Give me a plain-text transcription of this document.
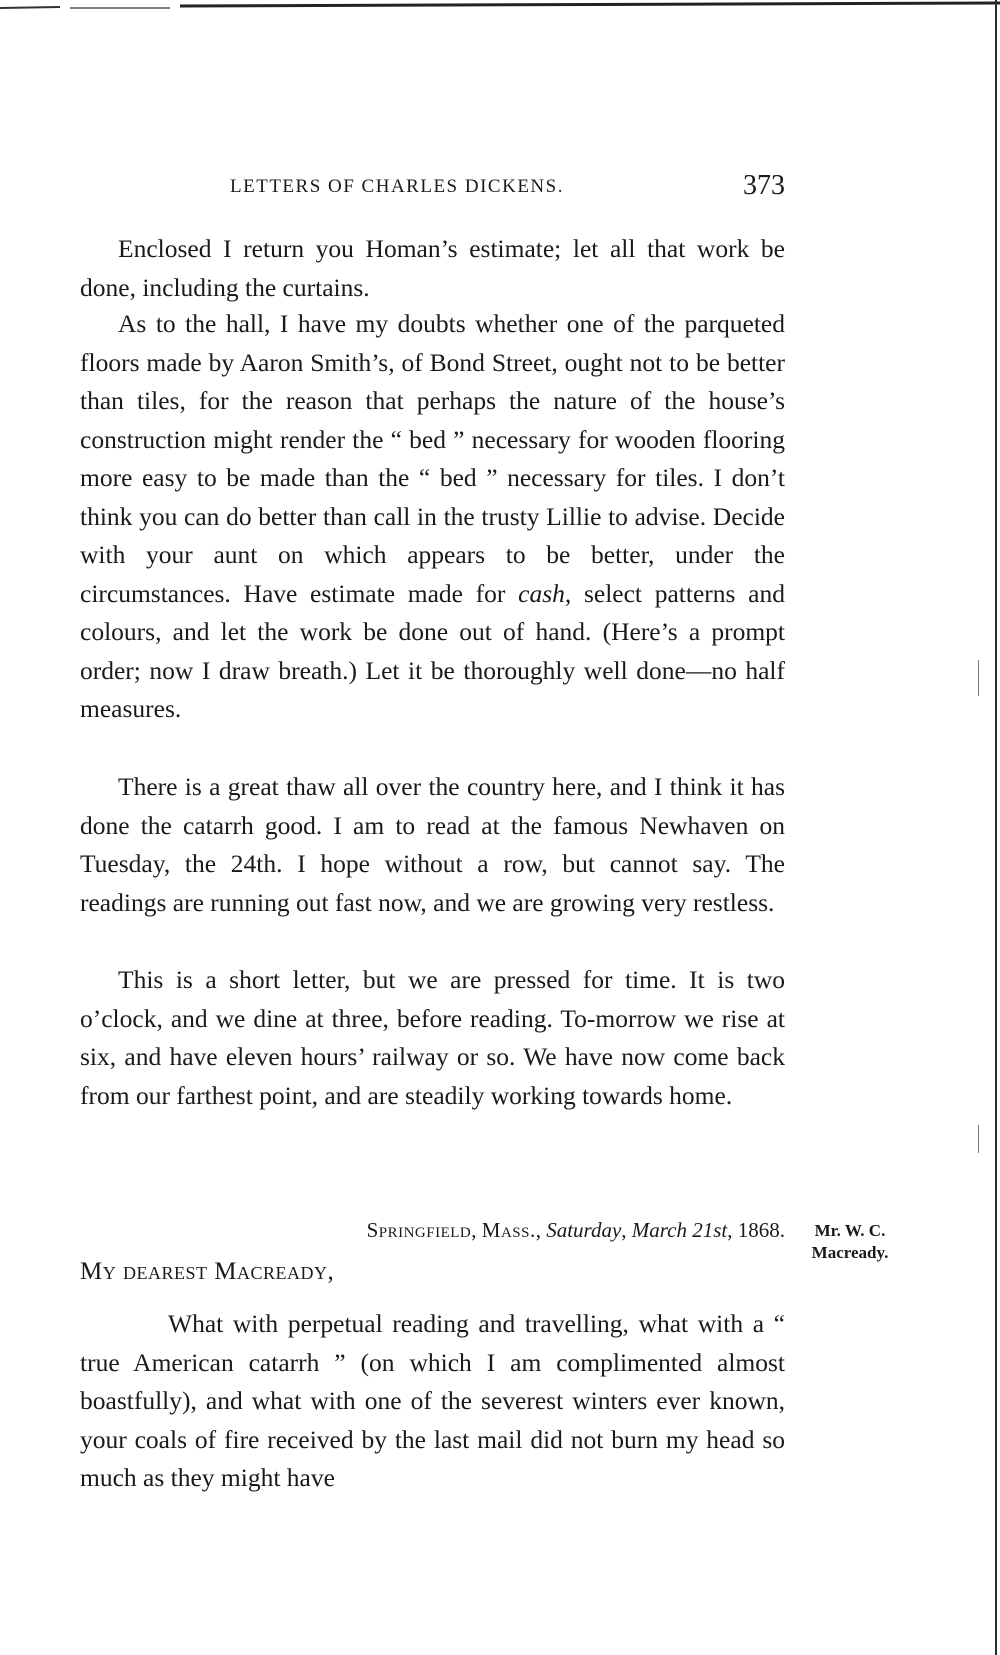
LETTERS OF CHARLES DICKENS.	373

Enclosed I return you Homan’s estimate; let all that work be done, including the curtains.

As to the hall, I have my doubts whether one of the parqueted floors made by Aaron Smith’s, of Bond Street, ought not to be better than tiles, for the reason that perhaps the nature of the house’s construction might render the “ bed ” necessary for wooden flooring more easy to be made than the “ bed ” necessary for tiles. I don’t think you can do better than call in the trusty Lillie to advise. Decide with your aunt on which appears to be better, under the circumstances. Have estimate made for cash, select patterns and colours, and let the work be done out of hand. (Here’s a prompt order; now I draw breath.) Let it be thoroughly well done—no half measures.

There is a great thaw all over the country here, and I think it has done the catarrh good. I am to read at the famous Newhaven on Tuesday, the 24th. I hope without a row, but cannot say. The readings are running out fast now, and we are growing very restless.

This is a short letter, but we are pressed for time. It is two o’clock, and we dine at three, before reading. To-morrow we rise at six, and have eleven hours’ railway or so. We have now come back from our farthest point, and are steadily working towards home.

Springfield, Mass., Saturday, March 21st, 1868.	Mr. W. C.
Macready.
My dearest Macready,

What with perpetual reading and travelling, what with a “ true American catarrh ” (on which I am complimented almost boastfully), and what with one of the severest winters ever known, your coals of fire received by the last mail did not burn my head so much as they might have
